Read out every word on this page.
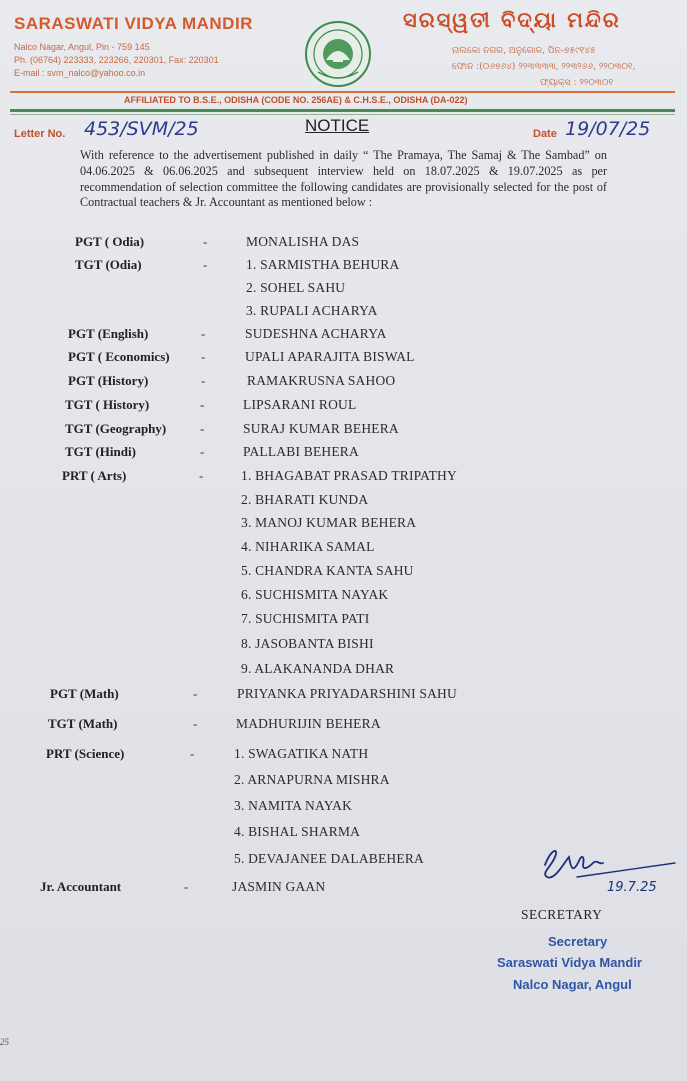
SARASWATI VIDYA MANDIR
Nalco Nagar, Angul, Pin - 759 145
Ph. (06764) 223333, 223266, 220301, Fax: 220301
E-mail : svm_nalco@yahoo.co.in
ସରସ୍ୱତୀ ବିଦ୍ୟା ମନ୍ଦିର
ନାଲକୋ ନଗର, ଅନୁଗୋଳ, ପିନ-୭୫୯୧୪୫
ଫୋନ :(୦୬୭୬୪) ୨୨୩୩୩୩, ୨୨୩୨୬୬, ୨୨୦୩୦୧,
ଫ୍ୟାକ୍ସ : ୨୨୦୩୦୧
AFFILIATED TO B.S.E., ODISHA (CODE NO. 256AE) & C.H.S.E., ODISHA (DA-022)
Letter No. 453/SVM/25	NOTICE	Date 19/07/25
With reference to the advertisement published in daily “ The Pramaya, The Samaj & The Sambad” on 04.06.2025 & 06.06.2025 and subsequent interview held on 18.07.2025 & 19.07.2025 as per recommendation of selection committee the following candidates are provisionally selected for the post of Contractual teachers & Jr. Accountant as mentioned below :
PGT ( Odia)	-	MONALISHA DAS
TGT (Odia)	-	1. SARMISTHA BEHURA
2. SOHEL SAHU
3. RUPALI ACHARYA
PGT (English)	-	SUDESHNA ACHARYA
PGT ( Economics) -	UPALI APARAJITA BISWAL
PGT (History)	-	RAMAKRUSNA SAHOO
TGT ( History)	-	LIPSARANI ROUL
TGT (Geography)	-	SURAJ KUMAR BEHERA
TGT (Hindi)	-	PALLABI BEHERA
PRT ( Arts)	-	1. BHAGABAT PRASAD TRIPATHY
2. BHARATI KUNDA
3. MANOJ KUMAR BEHERA
4. NIHARIKA SAMAL
5. CHANDRA KANTA SAHU
6. SUCHISMITA NAYAK
7. SUCHISMITA PATI
8. JASOBANTA BISHI
9. ALAKANANDA DHAR
PGT (Math)	-	PRIYANKA PRIYADARSHINI SAHU
TGT (Math)	-	MADHURIJIN BEHERA
PRT (Science)	-	1. SWAGATIKA NATH
2. ARNAPURNA MISHRA
3. NAMITA NAYAK
4. BISHAL SHARMA
5. DEVAJANEE DALABEHERA
Jr. Accountant	-	JASMIN GAAN	19.7.25
SECRETARY
Secretary
Saraswati Vidya Mandir
Nalco Nagar, Angul
25
